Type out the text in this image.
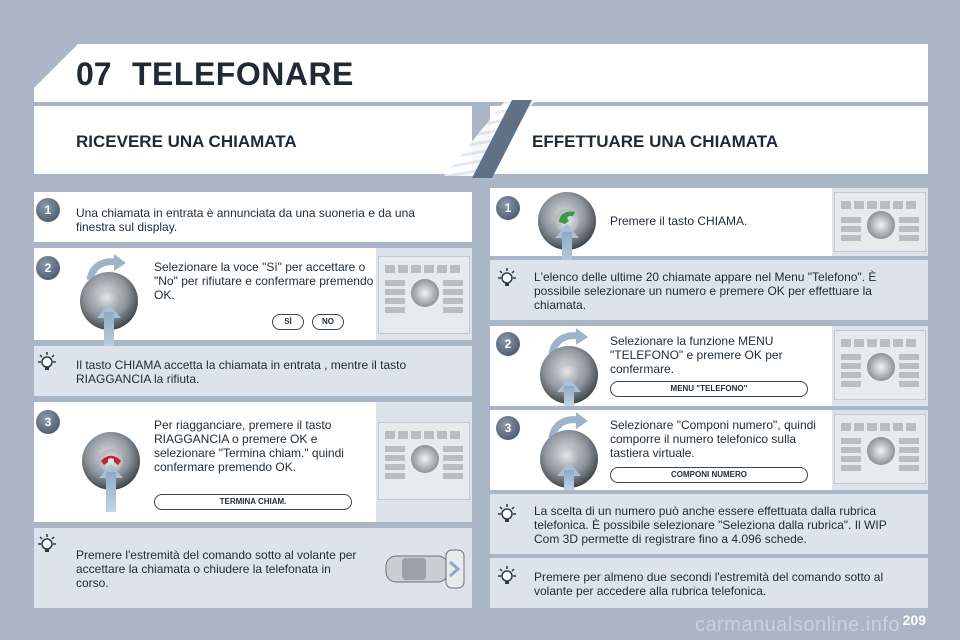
07 TELEFONARE
RICEVERE UNA CHIAMATA	EFFETTUARE UNA CHIAMATA
1	Una chiamata in entrata è annunciata da una suoneria e da una finestra sul display.
2	Selezionare la voce "Sì" per accettare o "No" per rifiutare e confermare premendo OK.
SÌ	NO
Il tasto CHIAMA accetta la chiamata in entrata , mentre il tasto RIAGGANCIA la rifiuta.
3	Per riagganciare, premere il tasto RIAGGANCIA o premere OK e selezionare "Termina chiam." quindi confermare premendo OK.
TERMINA CHIAM.
Premere l'estremità del comando sotto al volante per accettare la chiamata o chiudere la telefonata in corso.
1
Premere il tasto CHIAMA.
L'elenco delle ultime 20 chiamate appare nel Menu "Telefono". È possibile selezionare un numero e premere OK per effettuare la chiamata.
2	Selezionare la funzione MENU "TELEFONO" e premere OK per confermare.
MENU "TELEFONO"
3	Selezionare "Componi numero", quindi comporre il numero telefonico sulla tastiera virtuale.
COMPONI NUMERO
La scelta di un numero può anche essere effettuata dalla rubrica telefonica. È possibile selezionare "Seleziona dalla rubrica". Il WIP Com 3D permette di registrare fino a 4.096 schede.
Premere per almeno due secondi l'estremità del comando sotto al volante per accedere alla rubrica telefonica.
carmanualsonline.info 209
